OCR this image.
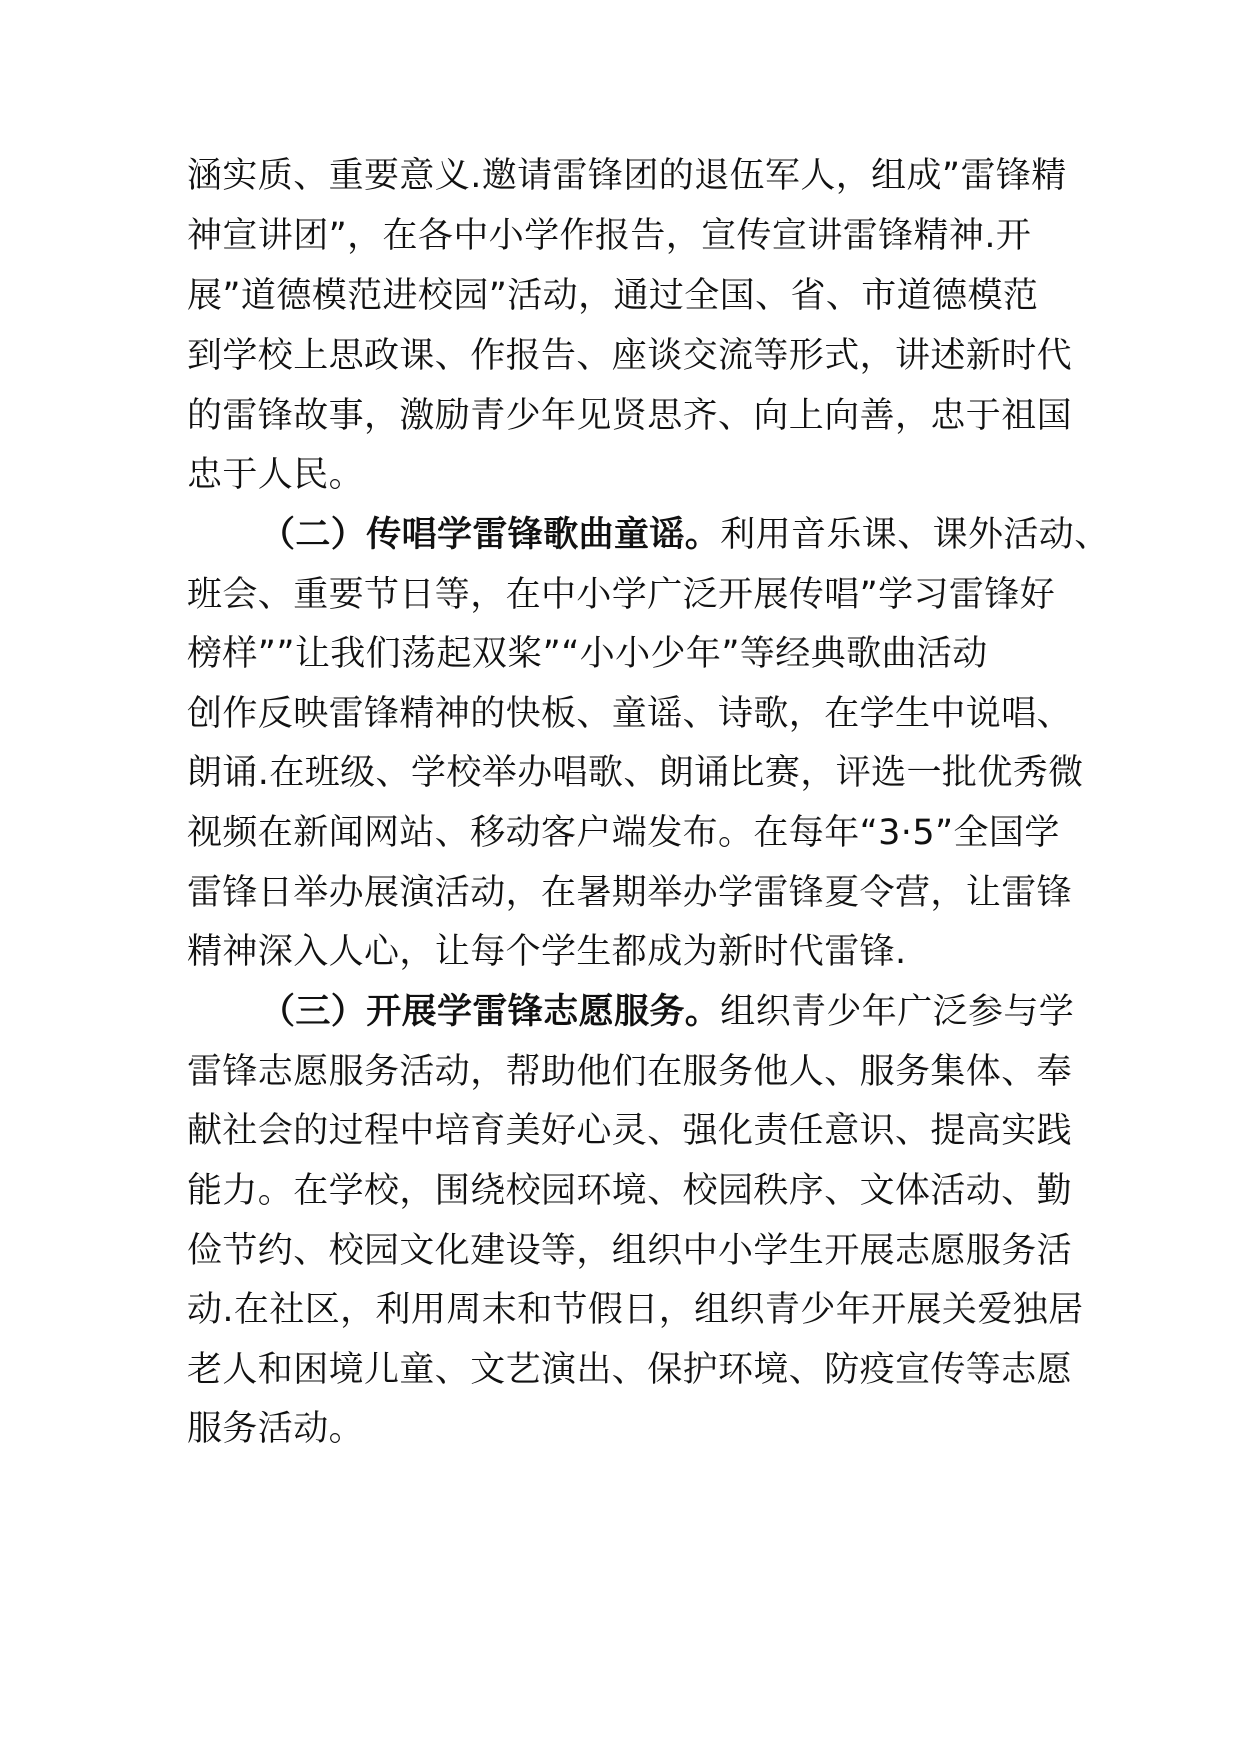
涵实质、重要意义.邀请雷锋团的退伍军人，组成”雷锋精
神宣讲团”，在各中小学作报告，宣传宣讲雷锋精神.开
展”道德模范进校园”活动，通过全国、省、市道德模范
到学校上思政课、作报告、座谈交流等形式，讲述新时代
的雷锋故事，激励青少年见贤思齐、向上向善，忠于祖国
忠于人民。
（二）传唱学雷锋歌曲童谣。利用音乐课、课外活动、
班会、重要节日等，在中小学广泛开展传唱”学习雷锋好
榜样””让我们荡起双桨”“小小少年”等经典歌曲活动
创作反映雷锋精神的快板、童谣、诗歌，在学生中说唱、
朗诵.在班级、学校举办唱歌、朗诵比赛，评选一批优秀微
视频在新闻网站、移动客户端发布。在每年“3·5”全国学
雷锋日举办展演活动，在暑期举办学雷锋夏令营，让雷锋
精神深入人心，让每个学生都成为新时代雷锋.
（三）开展学雷锋志愿服务。组织青少年广泛参与学
雷锋志愿服务活动，帮助他们在服务他人、服务集体、奉
献社会的过程中培育美好心灵、强化责任意识、提高实践
能力。在学校，围绕校园环境、校园秩序、文体活动、勤
俭节约、校园文化建设等，组织中小学生开展志愿服务活
动.在社区，利用周末和节假日，组织青少年开展关爱独居
老人和困境儿童、文艺演出、保护环境、防疫宣传等志愿
服务活动。
